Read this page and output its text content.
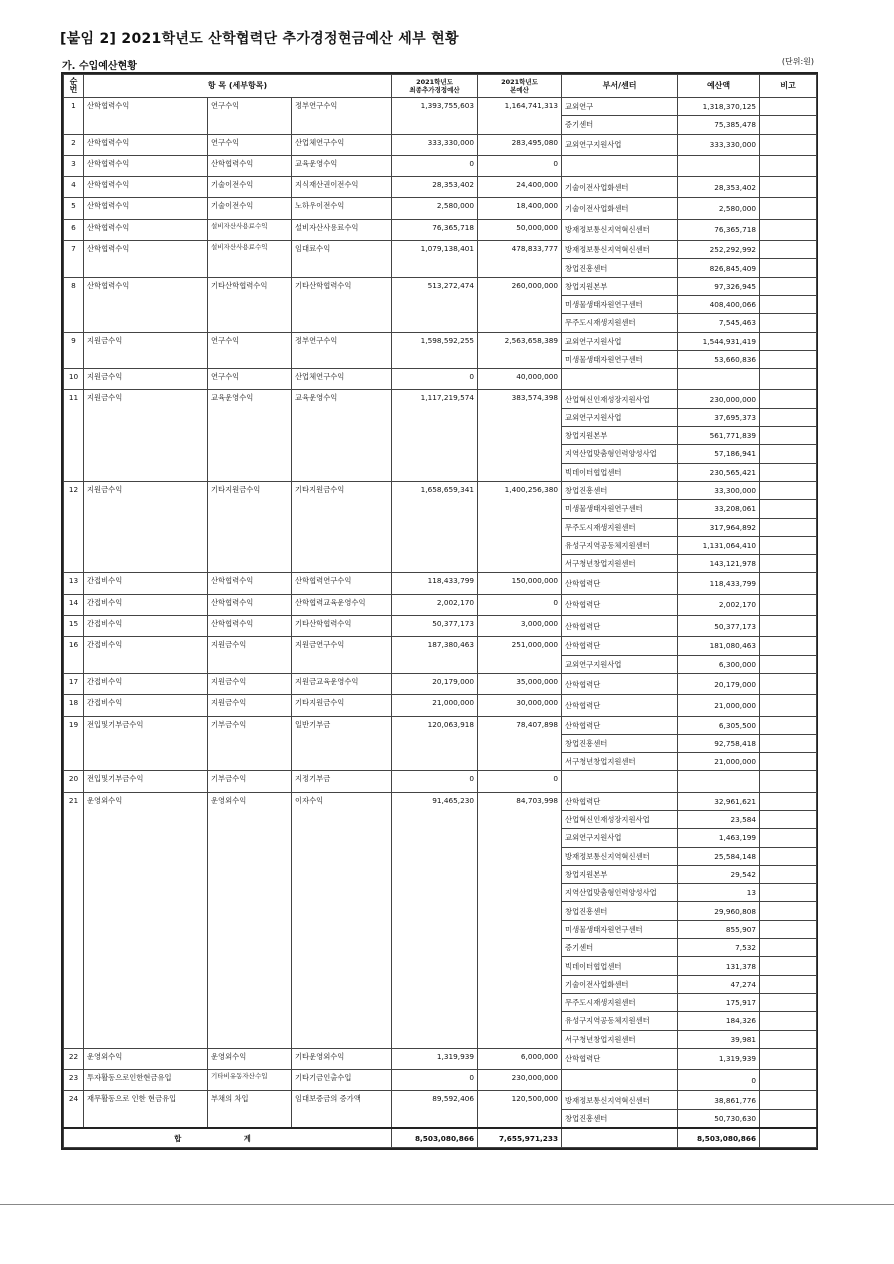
[붙임 2] 2021학년도 산학협력단 추가경정현금예산 세부 현황
가. 수입예산현황	(단위:원)
순번	항 목 (세부항목)			2021학년도
최종추가경정예산	2021학년도
본예산	부서/센터	예산액	비고
1	산학협력수익	연구수익	정부연구수익	1,393,755,603	1,164,741,313	교외연구	1,318,370,125	
						증기센터	75,385,478	
2	산학협력수익	연구수익	산업체연구수익	333,330,000	283,495,080	교외연구지원사업	333,330,000	
3	산학협력수익	산학협력수익	교육운영수익	0	0			
4	산학협력수익	기술이전수익	지식재산권이전수익	28,353,402	24,400,000	기술이전사업화센터	28,353,402	
5	산학협력수익	기술이전수익	노하우이전수익	2,580,000	18,400,000	기술이전사업화센터	2,580,000	
6	산학협력수익	설비자산사용료수익	설비자산사용료수익	76,365,718	50,000,000	방재정보통신지역혁신센터	76,365,718	
7	산학협력수익	설비자산사용료수익	임대료수익	1,079,138,401	478,833,777	방재정보통신지역혁신센터	252,292,992	
						창업진흥센터	826,845,409	
8	산학협력수익	기타산학협력수익	기타산학협력수익	513,272,474	260,000,000	창업지원본부	97,326,945	
						미생물생태자원연구센터	408,400,066	
						무주도시재생지원센터	7,545,463	
9	지원금수익	연구수익	정부연구수익	1,598,592,255	2,563,658,389	교외연구지원사업	1,544,931,419	
						미생물생태자원연구센터	53,660,836	
10	지원금수익	연구수익	산업체연구수익	0	40,000,000			
11	지원금수익	교육운영수익	교육운영수익	1,117,219,574	383,574,398	산업혁신인재성장지원사업	230,000,000	
						교외연구지원사업	37,695,373	
						창업지원본부	561,771,839	
						지역산업맞춤형인력양성사업	57,186,941	
						빅데이터협업센터	230,565,421	
12	지원금수익	기타지원금수익	기타지원금수익	1,658,659,341	1,400,256,380	창업진흥센터	33,300,000	
						미생물생태자원연구센터	33,208,061	
						무주도시재생지원센터	317,964,892	
						유성구지역공동체지원센터	1,131,064,410	
						서구청년창업지원센터	143,121,978	
13	간접비수익	산학협력수익	산학협력연구수익	118,433,799	150,000,000	산학협력단	118,433,799	
14	간접비수익	산학협력수익	산학협력교육운영수익	2,002,170	0	산학협력단	2,002,170	
15	간접비수익	산학협력수익	기타산학협력수익	50,377,173	3,000,000	산학협력단	50,377,173	
16	간접비수익	지원금수익	지원금연구수익	187,380,463	251,000,000	산학협력단	181,080,463	
						교외연구지원사업	6,300,000	
17	간접비수익	지원금수익	지원금교육운영수익	20,179,000	35,000,000	산학협력단	20,179,000	
18	간접비수익	지원금수익	기타지원금수익	21,000,000	30,000,000	산학협력단	21,000,000	
19	전입및기부금수익	기부금수익	일반기부금	120,063,918	78,407,898	산학협력단	6,305,500	
						창업진흥센터	92,758,418	
						서구청년창업지원센터	21,000,000	
20	전입및기부금수익	기부금수익	지정기부금	0	0			
21	운영외수익	운영외수익	이자수익	91,465,230	84,703,998	산학협력단	32,961,621	
						산업혁신인재성장지원사업	23,584	
						교외연구지원사업	1,463,199	
						방재정보통신지역혁신센터	25,584,148	
						창업지원본부	29,542	
						지역산업맞춤형인력양성사업	13	
						창업진흥센터	29,960,808	
						미생물생태자원연구센터	855,907	
						증기센터	7,532	
						빅데이터협업센터	131,378	
						기술이전사업화센터	47,274	
						무주도시재생지원센터	175,917	
						유성구지역공동체지원센터	184,326	
						서구청년창업지원센터	39,981	
22	운영외수익	운영외수익	기타운영외수익	1,319,939	6,000,000	산학협력단	1,319,939	
23	투자활동으로인한현금유입	기타비유동자산수입	기타기금인출수입	0	230,000,000		0	
24	재무활동으로 인한 현금유입	부채의 차입	임대보증금의 증가액	89,592,406	120,500,000	방재정보통신지역혁신센터	38,861,776	
						창업진흥센터	50,730,630	
합 계				8,503,080,866	7,655,971,233		8,503,080,866	
